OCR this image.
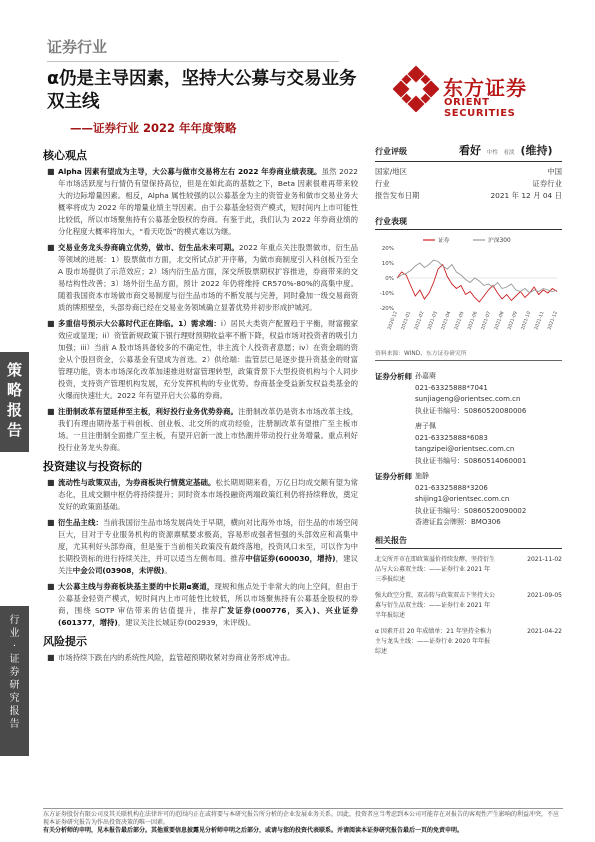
策
略
报
告
行
业
·
证
券
研
究
报
告
证券行业
α仍是主导因素，坚持大公募与交易业务双主线
——证券行业 2022 年年度策略
东方证券
ORIENT SECURITIES
核心观点
■ Alpha 因素有望成为主导，大公募与做市交易将左右 2022 年券商业绩表现。虽然 2022 年市场活跃度与行情仍有望保持高位，但是在如此高的基数之下，Beta 因素很难再带来较大的边际增量因素。相反，Alpha 属性较强的以公募基金为主的资管业务和做市交易业务大概率将成为 2022 年的增量业绩主导因素。由于公募基金轻资产模式，短时间内上市可能性比较低，所以市场聚焦持有公募基金股权的券商。有鉴于此，我们认为 2022 年券商业绩的分化程度大概率将加大，“看天吃饭”的模式难以为继。
■ 交易业务龙头券商确立优势，做市、衍生品未来可期。2022 年重点关注股票做市、衍生品等领域的进展：1）股票做市方面，北交所试点扩开序幕，为做市商制度引入科创板乃至全 A 股市场提供了示范效应；2）场内衍生品方面，深交所股票期权扩容推进，券商带来的交易结构性改善；3）场外衍生品方面，预计 2022 年仍将维持 CR570%-80%的高集中度。随着我国资本市场做市商交易制度与衍生品市场的不断发展与完善，同时叠加一级交易商资质的牌照壁垒，头部券商已经在交易业务领域确立显著优势并初步形成护城河。
■ 多重信号预示大公募时代正在降临。1）需求端：i）居民大类资产配置趋于平衡，财富搬家效应或显现；ii）资管新规政策下银行理财预期收益率不断下降，权益市场对投资者的吸引力加强；iii）当前 A 股市场具备较多的不确定性，非主流个人投资者意愿；iv）在资金端的资金从个股回资金，公募基金有望成为首选。2）供给端：监管层已是逐步提升资基金的财富管理功能，资本市场深化改革加速推进财富管理转型，政策背景下大型投资机构与个人同步投资，支持资产管理机构发展，充分发挥机构的专业优势。券商基金受益新发权益类基金的火爆而快速壮大。2022 年有望开启大公募的券商。
■ 注册制改革有望延伸至主板，利好投行业务优势券商。注册制改革仍是资本市场改革主线，我们有理由期待基于科创板、创业板、北交所的成功经验，注册制改革有望推广至主板市场。一旦注册制全面推广至主板，有望开启新一波上市热潮并带动投行业务增量。重点利好投行业务龙头券商。
投资建议与投资标的
■ 流动性与政策双击，为券商板块行情奠定基础。松长期周期来看，万亿日均成交额有望为常态化，且成交额中枢仍将持续提升；同时资本市场投融资两端政策红利仍将持续释放，奠定发好的政策面基础。
■ 衍生品主线：当前我国衍生品市场发展尚处于早期，横向对比海外市场，衍生品的市场空间巨大，目对于专业服务机构的资源禀赋要求极高，容易形成强者恒强的头部效应和高集中度，尤其利好头部券商，但是鉴于当前相关政策没有最终落地，投资风口未至，可以作为中长期投资标的进行持续关注，并可以适当左侧布局。推荐中信证券(600030，增持)，建议关注中金公司(03908，未评级)。
■ 大公募主线与券商板块基主要的中长期α赛道，现规和焦点处于非常大的向上空间，但由于公募基金轻资产模式，短时间内上市可能性比较低，所以市场聚焦持有公募基金股权的券商，围绕 SOTP 审估带来的估值提升，推荐广发证券(000776，买入)、兴业证券(601377，增持)，建议关注长城证券(002939，未评级)。
风险提示
■ 市场持续下跌在内的系统性风险，监管超预期收紧对券商业务形成冲击。
行业评级	看好 中性　看淡 (维持)
国家/地区	中国
行业	证券行业
报告发布日期	2021 年 12 月 04 日
行业表现
20%
10%
0%
-10%
-20%
2020-12 2021-01 2021-02 2021-03 2021-04 2021-05 2021-06 2021-07 2021-08 2021-09 2021-10 2021-11 2021-12
证券	沪深300
资料来源：WIND、东方证券研究所
证券分析师 孙嘉赓
021-63325888*7041
sunjiageng@orientsec.com.cn
执业证书编号：S0860520080006
唐子佩
021-63325888*6083
tangzipei@orientsec.com.cn
执业证书编号：S0860514060001
证券分析师 施静
021-63325888*3206
shijing1@orientsec.com.cn
执业证书编号：S0860520090002
香港证监会牌照：BMO306
相关报告
北交所开市在即政策溢价持续发酵，坚持衍生品与大公募双主线：——证券行业 2021 年三季报综述
2021-11-02
强大政空分置，双击转与政策双击下坚持大公募与衍生品双主线：——证券行业 2021 年半年报综述
2021-09-05
α 因素开启 20 年成绩单：21 年坚持全椎力主与龙头主线：——证券行业 2020 年年报综述
2021-04-22
东方证券股份有限公司及其关联机构在法律许可的范围内正在或将要与本研究报告所分析的企业发展业务关系。因此，投资者应当考虑到本公司可能存在对报告的客观性产生影响的利益冲突，不应视本证券研究报告为作出投资决策的唯一因素。
有关分析师的申明，见本报告最后部分。其他重要信息披露见分析师申明之后部分，或请与您的投资代表联系。并请阅读本证券研究报告最后一页的免责申明。
